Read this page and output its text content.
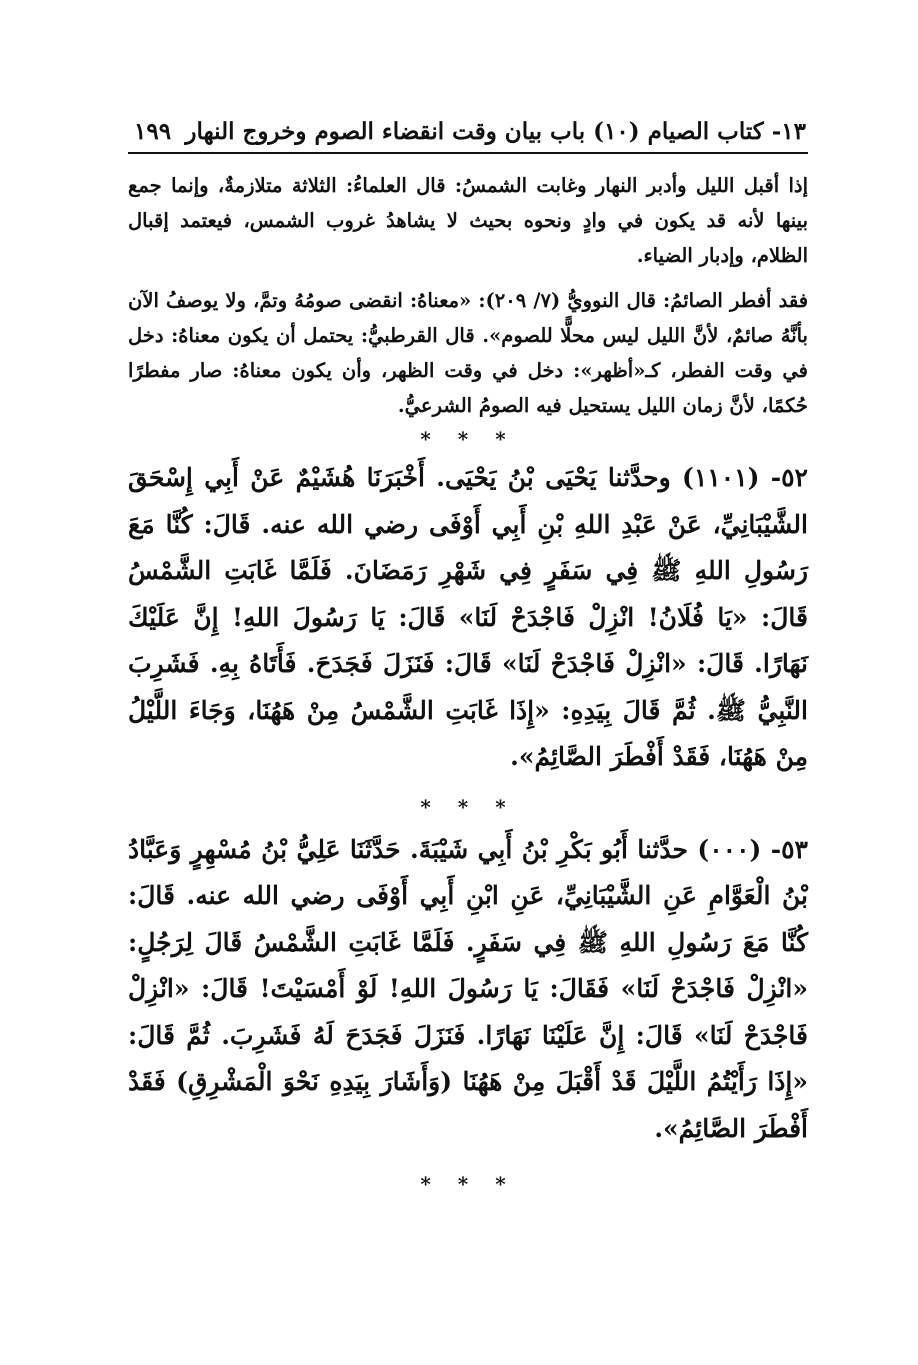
١٣- كتاب الصيام (١٠) باب بيان وقت انقضاء الصوم وخروج النهار
١٩٩

إذا أقبل الليل وأدبر النهار وغابت الشمسُ: قال العلماءُ: الثلاثة متلازمةٌ، وإنما جمع بينها لأنه قد يكون في وادٍ ونحوه بحيث لا يشاهدُ غروب الشمس، فيعتمد إقبال الظلام، وإدبار الضياء.

فقد أفطر الصائمُ: قال النوويُّ (٧/ ٢٠٩): «معناهُ: انقضى صومُهُ وتمَّ، ولا يوصفُ الآن بأنَّهُ صائمٌ، لأنَّ الليل ليس محلًّا للصوم». قال القرطبيُّ: يحتمل أن يكون معناهُ: دخل في وقت الفطر، كـ«أظهر»: دخل في وقت الظهر، وأن يكون معناهُ: صار مفطرًا حُكمًا، لأنَّ زمان الليل يستحيل فيه الصومُ الشرعيُّ.

* * *

٥٢- (١١٠١) وحدَّثنا يَحْيَى بْنُ يَحْيَى. أَخْبَرَنَا هُشَيْمٌ عَنْ أَبِي إِسْحَقَ الشَّيْبَانِيِّ، عَنْ عَبْدِ اللهِ بْنِ أَبِي أَوْفَى رضي الله عنه. قَالَ: كُنَّا مَعَ رَسُولِ اللهِ ﷺ فِي سَفَرٍ فِي شَهْرِ رَمَضَانَ. فَلَمَّا غَابَتِ الشَّمْسُ قَالَ: «يَا فُلَانُ! انْزِلْ فَاجْدَحْ لَنَا» قَالَ: يَا رَسُولَ اللهِ! إِنَّ عَلَيْكَ نَهَارًا. قَالَ: «انْزِلْ فَاجْدَحْ لَنَا» قَالَ: فَنَزَلَ فَجَدَحَ. فَأَتَاهُ بِهِ. فَشَرِبَ النَّبِيُّ ﷺ. ثُمَّ قَالَ بِيَدِهِ: «إِذَا غَابَتِ الشَّمْسُ مِنْ هَهُنَا، وَجَاءَ اللَّيْلُ مِنْ هَهُنَا، فَقَدْ أَفْطَرَ الصَّائِمُ».

* * *

٥٣- (٠٠٠) حدَّثنا أَبُو بَكْرِ بْنُ أَبِي شَيْبَةَ. حَدَّثَنَا عَلِيُّ بْنُ مُسْهِرٍ وَعَبَّادُ بْنُ الْعَوَّامِ عَنِ الشَّيْبَانِيِّ، عَنِ ابْنِ أَبِي أَوْفَى رضي الله عنه. قَالَ: كُنَّا مَعَ رَسُولِ اللهِ ﷺ فِي سَفَرٍ. فَلَمَّا غَابَتِ الشَّمْسُ قَالَ لِرَجُلٍ: «انْزِلْ فَاجْدَحْ لَنَا» فَقَالَ: يَا رَسُولَ اللهِ! لَوْ أَمْسَيْتَ! قَالَ: «انْزِلْ فَاجْدَحْ لَنَا» قَالَ: إِنَّ عَلَيْنَا نَهَارًا. فَنَزَلَ فَجَدَحَ لَهُ فَشَرِبَ. ثُمَّ قَالَ: «إِذَا رَأَيْتُمُ اللَّيْلَ قَدْ أَقْبَلَ مِنْ هَهُنَا (وَأَشَارَ بِيَدِهِ نَحْوَ الْمَشْرِقِ) فَقَدْ أَفْطَرَ الصَّائِمُ».

* * *
